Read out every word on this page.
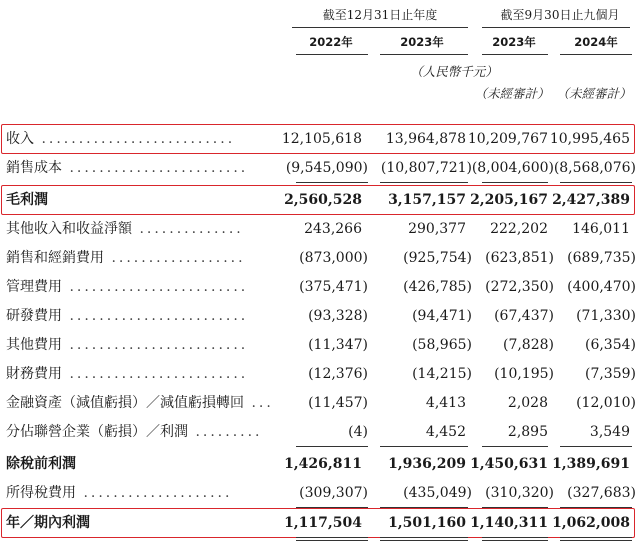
截至12月31日止年度	截至9月30日止九個月
2022年	2023年	2023年	2024年
（人民幣千元）
（未經審計） （未經審計）
收入 ..........................	12,105,618	13,964,878 10,209,767 10,995,465
銷售成本 ........................	(9,545,090) (10,807,721) (8,004,600) (8,568,076)
毛利潤	2,560,528	3,157,157 2,205,167 2,427,389
其他收入和收益淨額 ..............	243,266	290,377	222,202	146,011
銷售和經銷費用 ..................	(873,000)	(925,754) (623,851) (689,735)
管理費用 ........................	(375,471)	(426,785) (272,350) (400,470)
研發費用 ........................	(93,328)	(94,471)	(67,437)	(71,330)
其他費用 ........................	(11,347)	(58,965)	(7,828)	(6,354)
財務費用 ........................	(12,376)	(14,215)	(10,195)	(7,359)
金融資產（減值虧損）／減值虧損轉回 ...	(11,457)	4,413	2,028	(12,010)
分佔聯營企業（虧損）／利潤 .........	(4)	4,452	2,895	3,549
除稅前利潤	1,426,811	1,936,209 1,450,631 1,389,691
所得稅費用 ....................	(309,307)	(435,049) (310,320) (327,683)
年／期內利潤	1,117,504	1,501,160 1,140,311 1,062,008
